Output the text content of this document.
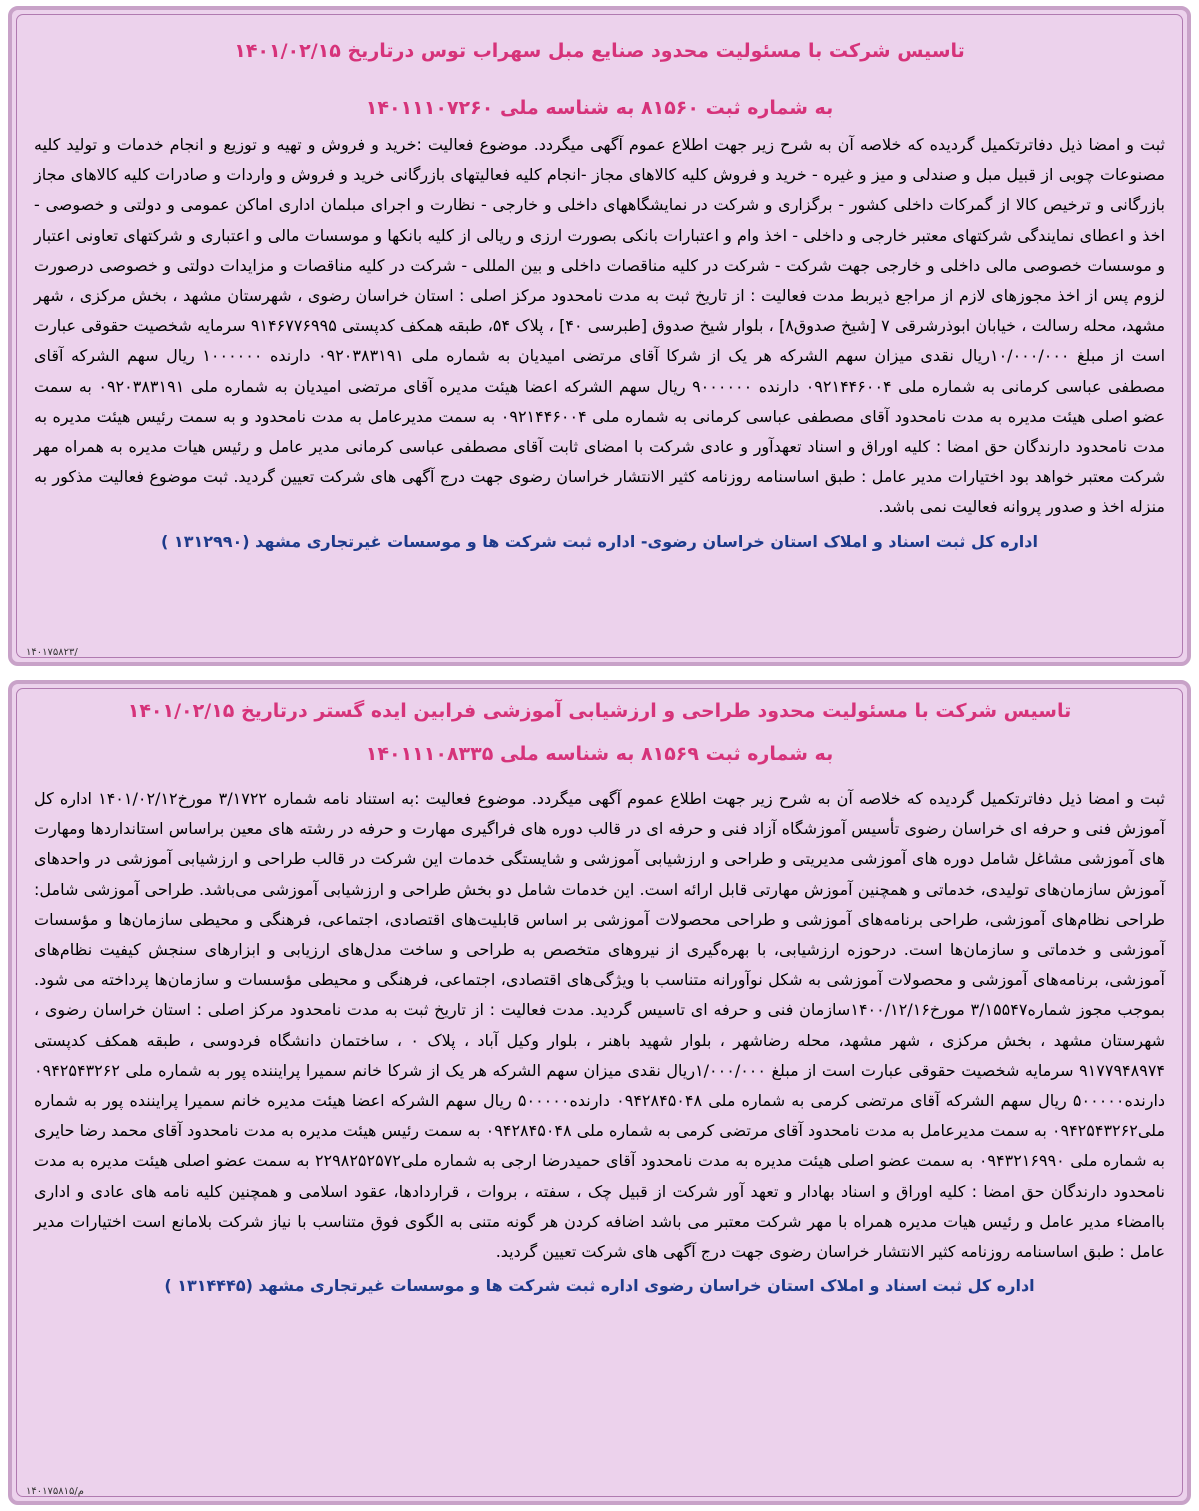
تاسیس شرکت با مسئولیت محدود صنایع مبل سهراب توس درتاریخ ۱۴۰۱/۰۲/۱۵
به شماره ثبت ۸۱۵۶۰ به شناسه ملی ۱۴۰۱۱۱۰۷۲۶۰
ثبت و امضا ذیل دفاترتکمیل گردیده که خلاصه آن به شرح زیر جهت اطلاع عموم آگهی میگردد. موضوع فعالیت :خرید و فروش و تهیه و توزیع و انجام خدمات و تولید کلیه مصنوعات چوبی از قبیل مبل و صندلی و میز و غیره - خرید و فروش کلیه کالاهای مجاز -انجام کلیه فعالیتهای بازرگانی خرید و فروش و واردات و صادرات کلیه کالاهای مجاز بازرگانی و ترخیص کالا از گمرکات داخلی کشور - برگزاری و شرکت در نمایشگاههای داخلی و خارجی - نظارت و اجرای مبلمان اداری اماکن عمومی و دولتی و خصوصی - اخذ و اعطای نمایندگی شرکتهای معتبر خارجی و داخلی - اخذ وام و اعتبارات بانکی بصورت ارزی و ریالی از کلیه بانکها و موسسات مالی و اعتباری و شرکتهای تعاونی اعتبار و موسسات خصوصی مالی داخلی و خارجی جهت شرکت - شرکت در کلیه مناقصات داخلی و بین المللی - شرکت در کلیه مناقصات و مزایدات دولتی و خصوصی درصورت لزوم پس از اخذ مجوزهای لازم از مراجع ذیربط مدت فعالیت : از تاریخ ثبت به مدت نامحدود مرکز اصلی : استان خراسان رضوی ، شهرستان مشهد ، بخش مرکزی ، شهر مشهد، محله رسالت ، خیابان ابوذرشرقی ۷ [شیخ صدوق۸] ، بلوار شیخ صدوق [طبرسی ۴۰] ، پلاک ۵۴، طبقه همکف کدپستی ۹۱۴۶۷۷۶۹۹۵ سرمایه شخصیت حقوقی عبارت است از مبلغ ۱۰/۰۰۰/۰۰۰ریال نقدی میزان سهم الشرکه هر یک از شرکا آقای مرتضی امیدیان به شماره ملی ۰۹۲۰۳۸۳۱۹۱ دارنده ۱۰۰۰۰۰۰ ریال سهم الشرکه آقای مصطفی عباسی کرمانی به شماره ملی ۰۹۲۱۴۴۶۰۰۴ دارنده ۹۰۰۰۰۰۰ ریال سهم الشرکه اعضا هیئت مدیره آقای مرتضی امیدیان به شماره ملی ۰۹۲۰۳۸۳۱۹۱ به سمت عضو اصلی هیئت مدیره به مدت نامحدود آقای مصطفی عباسی کرمانی به شماره ملی ۰۹۲۱۴۴۶۰۰۴ به سمت مدیرعامل به مدت نامحدود و به سمت رئیس هیئت مدیره به مدت نامحدود دارندگان حق امضا : کلیه اوراق و اسناد تعهدآور و عادی شرکت با امضای ثابت آقای مصطفی عباسی کرمانی مدیر عامل و رئیس هیات مدیره به همراه مهر شرکت معتبر خواهد بود اختیارات مدیر عامل : طبق اساسنامه روزنامه کثیر الانتشار خراسان رضوی جهت درج آگهی های شرکت تعیین گردید. ثبت موضوع فعالیت مذکور به منزله اخذ و صدور پروانه فعالیت نمی باشد.
اداره کل ثبت اسناد و املاک استان خراسان رضوی- اداره ثبت شرکت ها و موسسات غیرتجاری مشهد (۱۳۱۲۹۹۰ )
/۱۴۰۱۷۵۸۲۳
تاسیس شرکت با مسئولیت محدود طراحی و ارزشیابی آموزشی فرابین ایده گستر درتاریخ ۱۴۰۱/۰۲/۱۵
به شماره ثبت ۸۱۵۶۹ به شناسه ملی ۱۴۰۱۱۱۰۸۳۳۵
ثبت و امضا ذیل دفاترتکمیل گردیده که خلاصه آن به شرح زیر جهت اطلاع عموم آگهی میگردد. موضوع فعالیت :به استناد نامه شماره ۳/۱۷۲۲ مورخ۱۴۰۱/۰۲/۱۲ اداره کل آموزش فنی و حرفه ای خراسان رضوی تأسیس آموزشگاه آزاد فنی و حرفه ای در قالب دوره های فراگیری مهارت و حرفه در رشته های معین براساس استانداردها ومهارت های آموزشی مشاغل شامل دوره های آموزشی مدیریتی و طراحی و ارزشیابی آموزشی و شایستگی خدمات این شرکت در قالب طراحی و ارزشیابی آموزشی در واحدهای آموزش سازمان‌های تولیدی، خدماتی و همچنین آموزش مهارتی قابل ارائه است. این خدمات شامل دو بخش طراحی و ارزشیابی آموزشی می‌باشد. طراحی آموزشی شامل: طراحی نظام‌های آموزشی، طراحی برنامه‌های آموزشی و طراحی محصولات آموزشی بر اساس قابلیت‌های اقتصادی، اجتماعی، فرهنگی و محیطی سازمان‌ها و مؤسسات آموزشی و خدماتی و سازمان‌ها است. درحوزه ارزشیابی، با بهره‌گیری از نیروهای متخصص به طراحی و ساخت مدل‌های ارزیابی و ابزارهای سنجش کیفیت نظام‌های آموزشی، برنامه‌های آموزشی و محصولات آموزشی به شکل نوآورانه متناسب با ویژگی‌های اقتصادی، اجتماعی، فرهنگی و محیطی مؤسسات و سازمان‌ها پرداخته می شود. بموجب مجوز شماره۳/۱۵۵۴۷ مورخ۱۴۰۰/۱۲/۱۶سازمان فنی و حرفه ای تاسیس گردید. مدت فعالیت : از تاریخ ثبت به مدت نامحدود مرکز اصلی : استان خراسان رضوی ، شهرستان مشهد ، بخش مرکزی ، شهر مشهد، محله رضاشهر ، بلوار شهید باهنر ، بلوار وکیل آباد ، پلاک ۰ ، ساختمان دانشگاه فردوسی ، طبقه همکف کدپستی ۹۱۷۷۹۴۸۹۷۴ سرمایه شخصیت حقوقی عبارت است از مبلغ ۱/۰۰۰/۰۰۰ریال نقدی میزان سهم الشرکه هر یک از شرکا خانم سمیرا پرایننده پور به شماره ملی ۰۹۴۲۵۴۳۲۶۲ دارنده۵۰۰۰۰۰ ریال سهم الشرکه آقای مرتضی کرمی به شماره ملی ۰۹۴۲۸۴۵۰۴۸ دارنده۵۰۰۰۰۰ ریال سهم الشرکه اعضا هیئت مدیره خانم سمیرا پرایننده پور به شماره ملی۰۹۴۲۵۴۳۲۶۲ به سمت مدیرعامل به مدت نامحدود آقای مرتضی کرمی به شماره ملی ۰۹۴۲۸۴۵۰۴۸ به سمت رئیس هیئت مدیره به مدت نامحدود آقای محمد رضا حایری به شماره ملی ۰۹۴۳۲۱۶۹۹۰ به سمت عضو اصلی هیئت مدیره به مدت نامحدود آقای حمیدرضا ارجی به شماره ملی۲۲۹۸۲۵۲۵۷۲ به سمت عضو اصلی هیئت مدیره به مدت نامحدود دارندگان حق امضا : کلیه اوراق و اسناد بهادار و تعهد آور شرکت از قبیل چک ، سفته ، بروات ، قراردادها، عقود اسلامی و همچنین کلیه نامه های عادی و اداری باامضاء مدیر عامل و رئیس هیات مدیره همراه با مهر شرکت معتبر می باشد اضافه کردن هر گونه متنی به الگوی فوق متناسب با نیاز شرکت بلامانع است اختیارات مدیر عامل : طبق اساسنامه روزنامه کثیر الانتشار خراسان رضوی جهت درج آگهی های شرکت تعیین گردید.
اداره کل ثبت اسناد و املاک استان خراسان رضوی اداره ثبت شرکت ها و موسسات غیرتجاری مشهد (۱۳۱۴۴۴۵ )
م/۱۴۰۱۷۵۸۱۵
